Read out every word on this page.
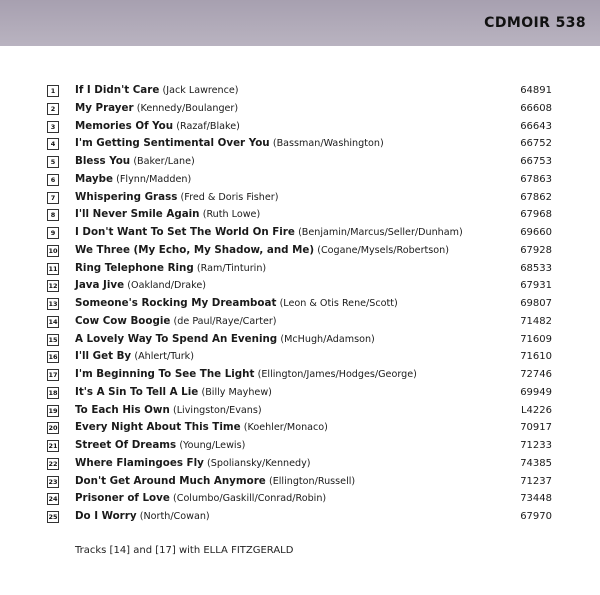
CDMOIR 538
1	If I Didn't Care (Jack Lawrence)	64891
2	My Prayer (Kennedy/Boulanger)	66608
3	Memories Of You (Razaf/Blake)	66643
4	I'm Getting Sentimental Over You (Bassman/Washington)	66752
5	Bless You (Baker/Lane)	66753
6	Maybe (Flynn/Madden)	67863
7	Whispering Grass (Fred & Doris Fisher)	67862
8	I'll Never Smile Again (Ruth Lowe)	67968
9	I Don't Want To Set The World On Fire (Benjamin/Marcus/Seller/Dunham)	69660
10 We Three (My Echo, My Shadow, and Me) (Cogane/Mysels/Robertson)	67928
11 Ring Telephone Ring (Ram/Tinturin)	68533
12 Java Jive (Oakland/Drake)	67931
13 Someone's Rocking My Dreamboat (Leon & Otis Rene/Scott)	69807
14 Cow Cow Boogie (de Paul/Raye/Carter)	71482
15 A Lovely Way To Spend An Evening (McHugh/Adamson)	71609
16 I'll Get By (Ahlert/Turk)	71610
17 I'm Beginning To See The Light (Ellington/James/Hodges/George)	72746
18 It's A Sin To Tell A Lie (Billy Mayhew)	69949
19 To Each His Own (Livingston/Evans)	L4226
20 Every Night About This Time (Koehler/Monaco)	70917
21 Street Of Dreams (Young/Lewis)	71233
22 Where Flamingoes Fly (Spoliansky/Kennedy)	74385
23 Don't Get Around Much Anymore (Ellington/Russell)	71237
24 Prisoner of Love (Columbo/Gaskill/Conrad/Robin)	73448
25 Do I Worry (North/Cowan)	67970
Tracks [14] and [17] with ELLA FITZGERALD
